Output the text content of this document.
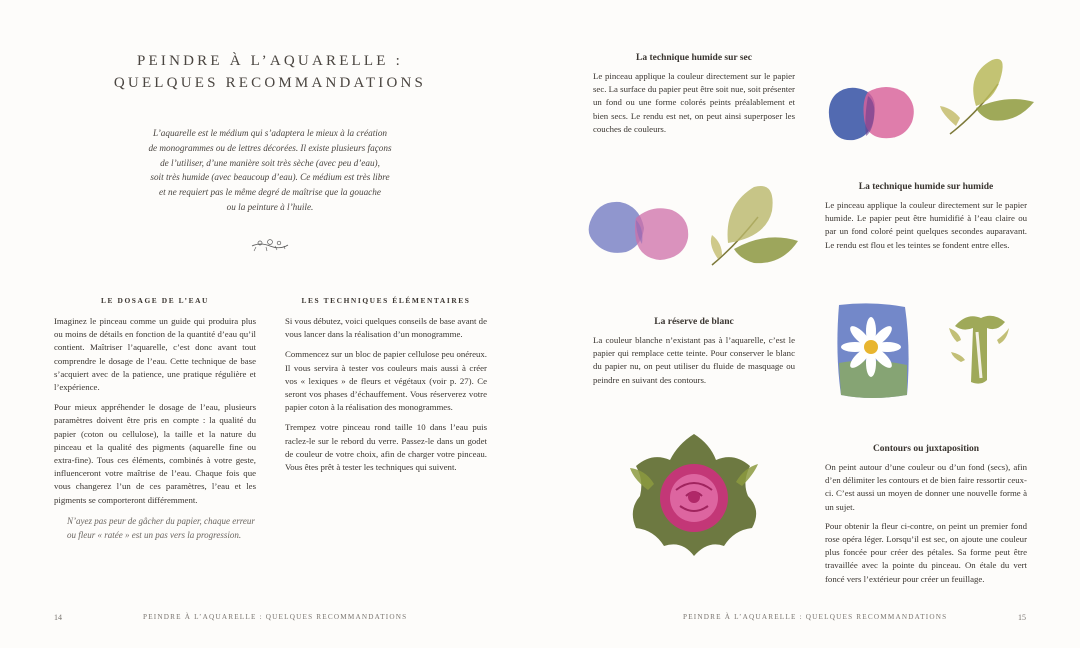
PEINDRE À L’AQUARELLE :
QUELQUES RECOMMANDATIONS
L’aquarelle est le médium qui s’adaptera le mieux à la création
de monogrammes ou de lettres décorées. Il existe plusieurs façons
de l’utiliser, d’une manière soit très sèche (avec peu d’eau),
soit très humide (avec beaucoup d’eau). Ce médium est très libre
et ne requiert pas le même degré de maîtrise que la gouache
ou la peinture à l’huile.
LE DOSAGE DE L’EAU

Imaginez le pinceau comme un guide qui produira plus ou moins de détails en fonction de la quantité d’eau qu’il contient. Maîtriser l’aquarelle, c’est donc avant tout comprendre le dosage de l’eau. Cette technique de base s’acquiert avec de la patience, une pratique régulière et l’expérience.

Pour mieux appréhender le dosage de l’eau, plusieurs paramètres doivent être pris en compte : la qualité du papier (coton ou cellulose), la taille et la nature du pinceau et la qualité des pigments (aquarelle fine ou extra-fine). Tous ces éléments, combinés à votre geste, influenceront votre maîtrise de l’eau. Chaque fois que vous changerez l’un de ces paramètres, l’eau et les pigments se comporteront différemment.

N’ayez pas peur de gâcher du papier, chaque erreur ou fleur « ratée » est un pas vers la progression.
LES TECHNIQUES ÉLÉMENTAIRES

Si vous débutez, voici quelques conseils de base avant de vous lancer dans la réalisation d’un monogramme.

Commencez sur un bloc de papier cellulose peu onéreux. Il vous servira à tester vos couleurs mais aussi à créer vos « lexiques » de fleurs et végétaux (voir p. 27). Ce seront vos phases d’échauffement. Vous réserverez votre papier coton à la réalisation des monogrammes.

Trempez votre pinceau rond taille 10 dans l’eau puis raclez-le sur le rebord du verre. Passez-le dans un godet de couleur de votre choix, afin de charger votre pinceau. Vous êtes prêt à tester les techniques qui suivent.

14	PEINDRE À L’AQUARELLE : QUELQUES RECOMMANDATIONS
La technique humide sur sec
Le pinceau applique la couleur directement sur le papier sec. La surface du papier peut être soit nue, soit présenter un fond ou une forme colorés peints préalablement et bien secs. Le rendu est net, on peut ainsi superposer les couches de couleurs.
La technique humide sur humide
Le pinceau applique la couleur directement sur le papier humide. Le papier peut être humidifié à l’eau claire ou par un fond coloré peint quelques secondes auparavant. Le rendu est flou et les teintes se fondent entre elles.
La réserve de blanc
La couleur blanche n’existant pas à l’aquarelle, c’est le papier qui remplace cette teinte. Pour conserver le blanc du papier nu, on peut utiliser du fluide de masquage ou peindre en suivant des contours.
Contours ou juxtaposition

On peint autour d’une couleur ou d’un fond (secs), afin d’en délimiter les contours et de bien faire ressortir ceux-ci. C’est aussi un moyen de donner une nouvelle forme à un sujet.

Pour obtenir la fleur ci-contre, on peint un premier fond rose opéra léger. Lorsqu’il est sec, on ajoute une couleur plus foncée pour créer des pétales. Sa forme peut être travaillée avec la pointe du pinceau. On étale du vert foncé vers l’extérieur pour créer un feuillage.

PEINDRE À L’AQUARELLE : QUELQUES RECOMMANDATIONS	15
